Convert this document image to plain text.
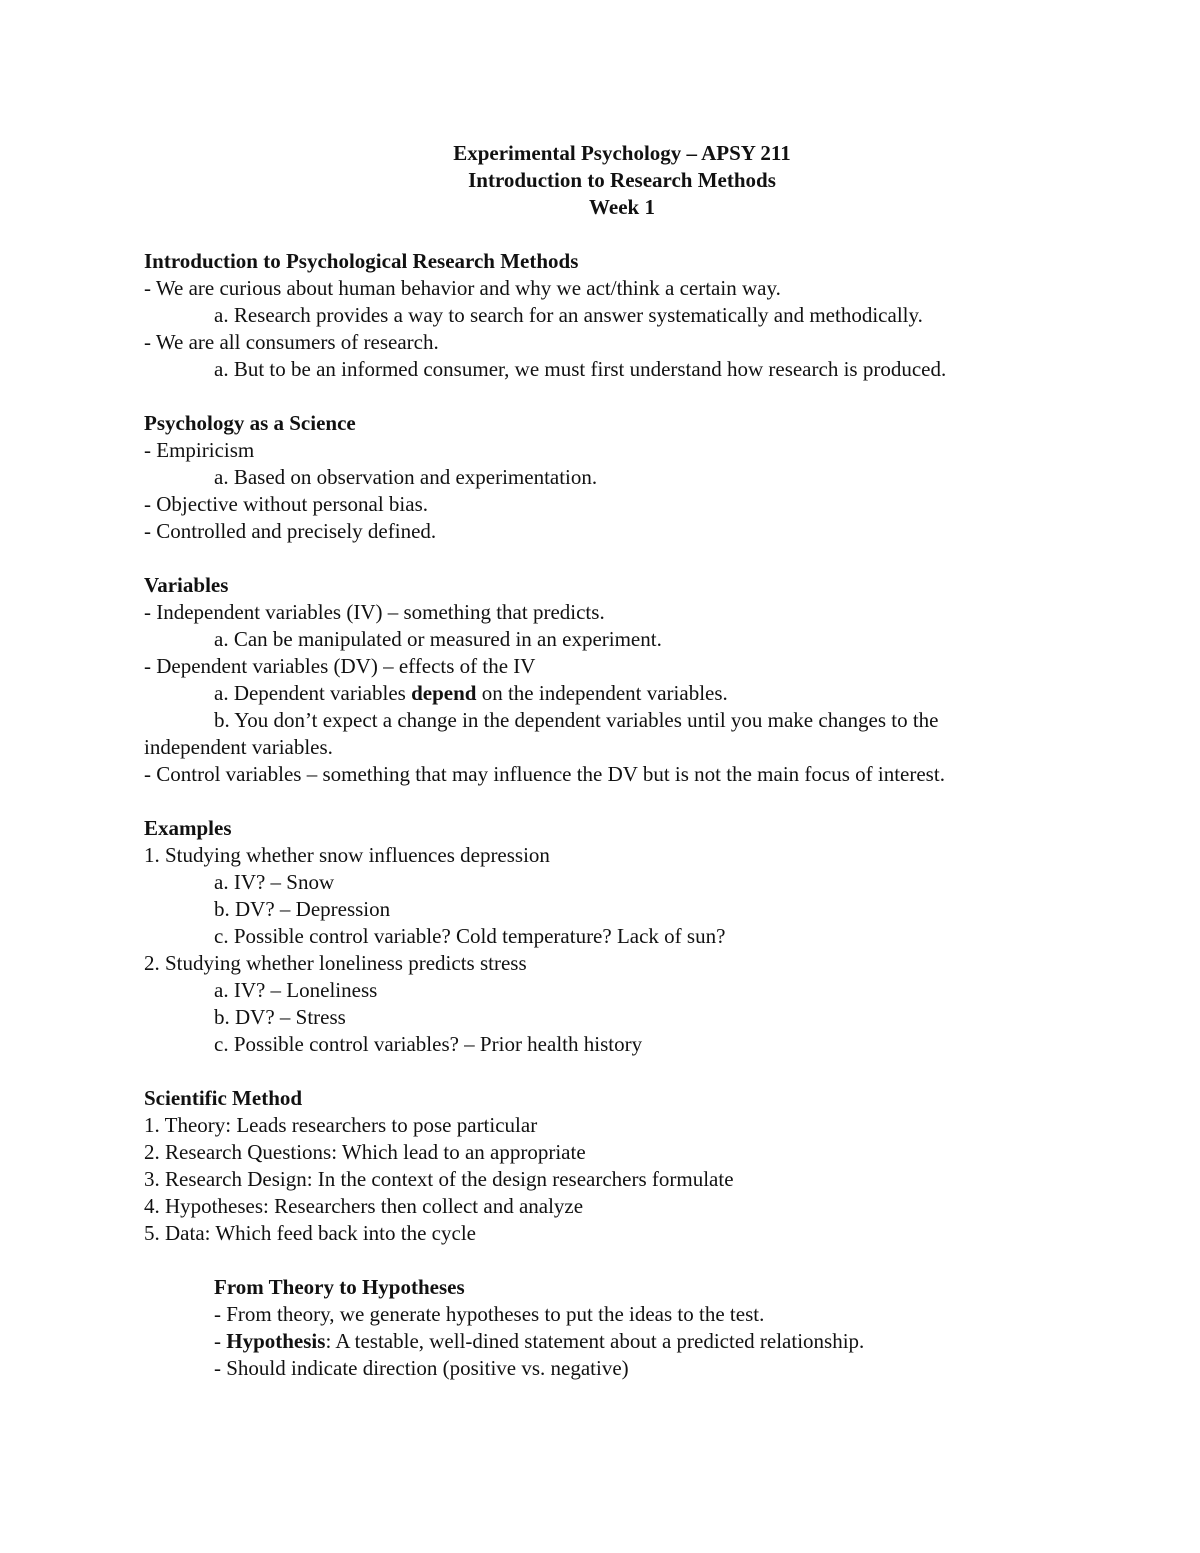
Experimental Psychology – APSY 211
Introduction to Research Methods
Week 1
Introduction to Psychological Research Methods
- We are curious about human behavior and why we act/think a certain way.
a. Research provides a way to search for an answer systematically and methodically.
- We are all consumers of research.
a. But to be an informed consumer, we must first understand how research is produced.
Psychology as a Science
- Empiricism
a. Based on observation and experimentation.
- Objective without personal bias.
- Controlled and precisely defined.
Variables
- Independent variables (IV) – something that predicts.
a. Can be manipulated or measured in an experiment.
- Dependent variables (DV) – effects of the IV
a. Dependent variables depend on the independent variables.
b. You don’t expect a change in the dependent variables until you make changes to the
independent variables.
- Control variables – something that may influence the DV but is not the main focus of interest.
Examples
1. Studying whether snow influences depression
a. IV? – Snow
b. DV? – Depression
c. Possible control variable? Cold temperature? Lack of sun?
2. Studying whether loneliness predicts stress
a. IV? – Loneliness
b. DV? – Stress
c. Possible control variables? – Prior health history
Scientific Method
1. Theory: Leads researchers to pose particular
2. Research Questions: Which lead to an appropriate
3. Research Design: In the context of the design researchers formulate
4. Hypotheses: Researchers then collect and analyze
5. Data: Which feed back into the cycle
From Theory to Hypotheses
- From theory, we generate hypotheses to put the ideas to the test.
- Hypothesis: A testable, well-dined statement about a predicted relationship.
- Should indicate direction (positive vs. negative)
